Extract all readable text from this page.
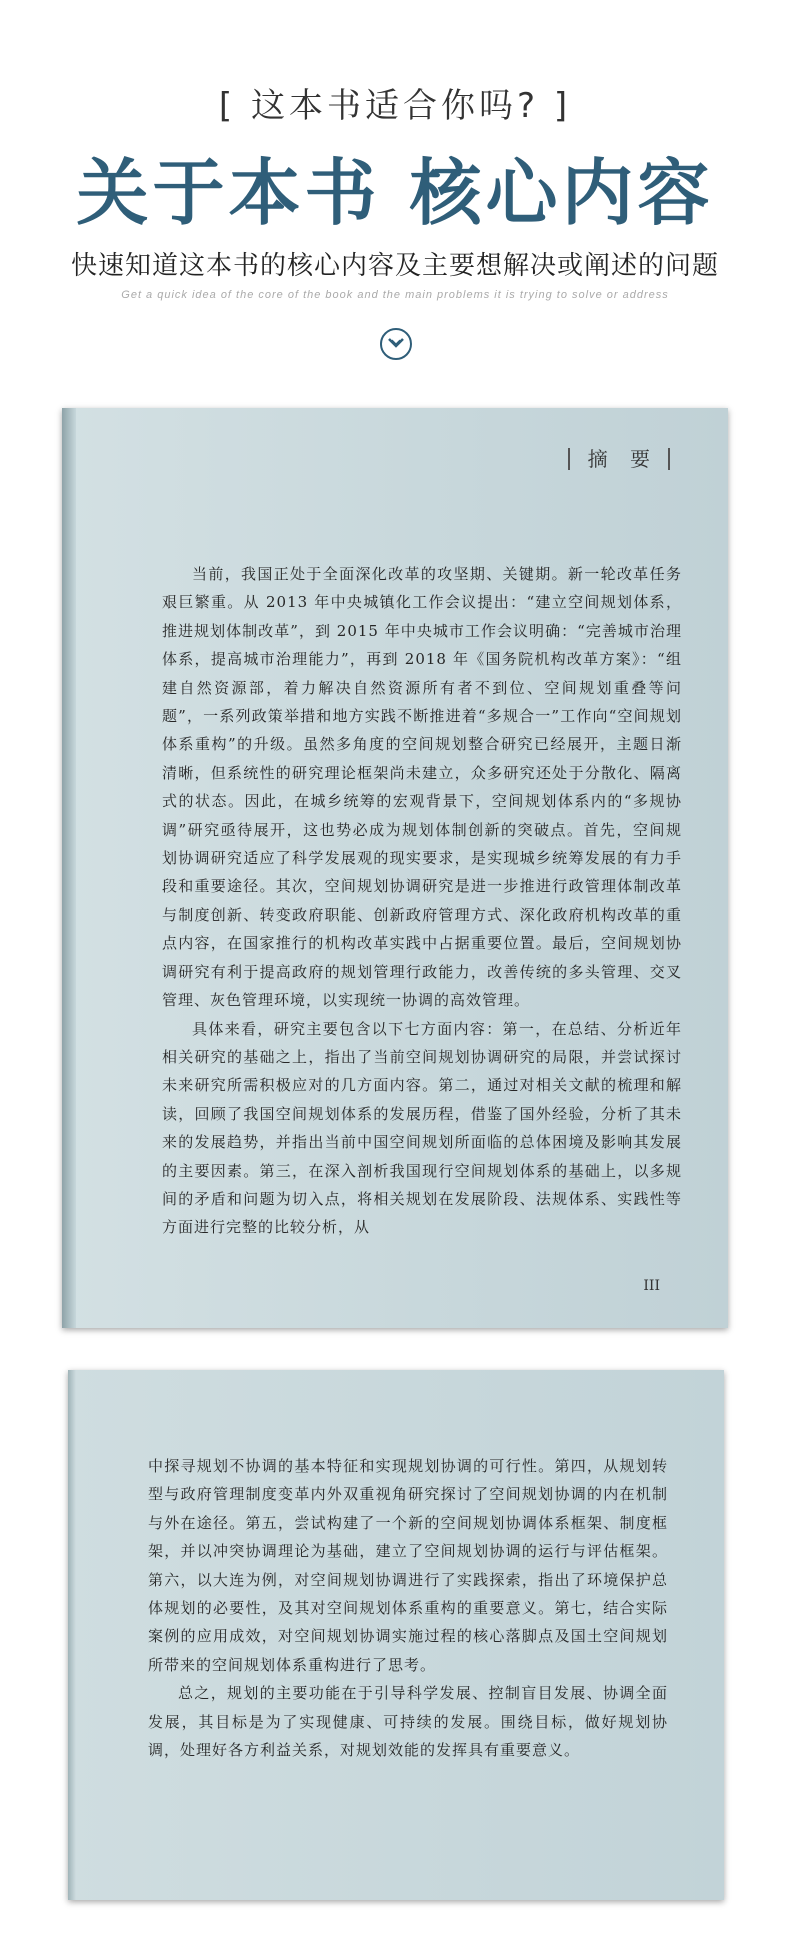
[ 这本书适合你吗? ]
关于本书 核心内容
快速知道这本书的核心内容及主要想解决或阐述的问题
Get a quick idea of the core of the book and the main problems it is trying to solve or address
摘 要

当前，我国正处于全面深化改革的攻坚期、关键期。新一轮改革任务艰巨繁重。从 2013 年中央城镇化工作会议提出：“建立空间规划体系，推进规划体制改革”，到 2015 年中央城市工作会议明确：“完善城市治理体系，提高城市治理能力”，再到 2018 年《国务院机构改革方案》：“组建自然资源部，着力解决自然资源所有者不到位、空间规划重叠等问题”，一系列政策举措和地方实践不断推进着“多规合一”工作向“空间规划体系重构”的升级。虽然多角度的空间规划整合研究已经展开，主题日渐清晰，但系统性的研究理论框架尚未建立，众多研究还处于分散化、隔离式的状态。因此，在城乡统筹的宏观背景下，空间规划体系内的“多规协调”研究亟待展开，这也势必成为规划体制创新的突破点。首先，空间规划协调研究适应了科学发展观的现实要求，是实现城乡统筹发展的有力手段和重要途径。其次，空间规划协调研究是进一步推进行政管理体制改革与制度创新、转变政府职能、创新政府管理方式、深化政府机构改革的重点内容，在国家推行的机构改革实践中占据重要位置。最后，空间规划协调研究有利于提高政府的规划管理行政能力，改善传统的多头管理、交叉管理、灰色管理环境，以实现统一协调的高效管理。

具体来看，研究主要包含以下七方面内容：第一，在总结、分析近年相关研究的基础之上，指出了当前空间规划协调研究的局限，并尝试探讨未来研究所需积极应对的几方面内容。第二，通过对相关文献的梳理和解读，回顾了我国空间规划体系的发展历程，借鉴了国外经验，分析了其未来的发展趋势，并指出当前中国空间规划所面临的总体困境及影响其发展的主要因素。第三，在深入剖析我国现行空间规划体系的基础上，以多规间的矛盾和问题为切入点，将相关规划在发展阶段、法规体系、实践性等方面进行完整的比较分析，从

III

中探寻规划不协调的基本特征和实现规划协调的可行性。第四，从规划转型与政府管理制度变革内外双重视角研究探讨了空间规划协调的内在机制与外在途径。第五，尝试构建了一个新的空间规划协调体系框架、制度框架，并以冲突协调理论为基础，建立了空间规划协调的运行与评估框架。第六，以大连为例，对空间规划协调进行了实践探索，指出了环境保护总体规划的必要性，及其对空间规划体系重构的重要意义。第七，结合实际案例的应用成效，对空间规划协调实施过程的核心落脚点及国土空间规划所带来的空间规划体系重构进行了思考。

总之，规划的主要功能在于引导科学发展、控制盲目发展、协调全面发展，其目标是为了实现健康、可持续的发展。围绕目标，做好规划协调，处理好各方利益关系，对规划效能的发挥具有重要意义。
